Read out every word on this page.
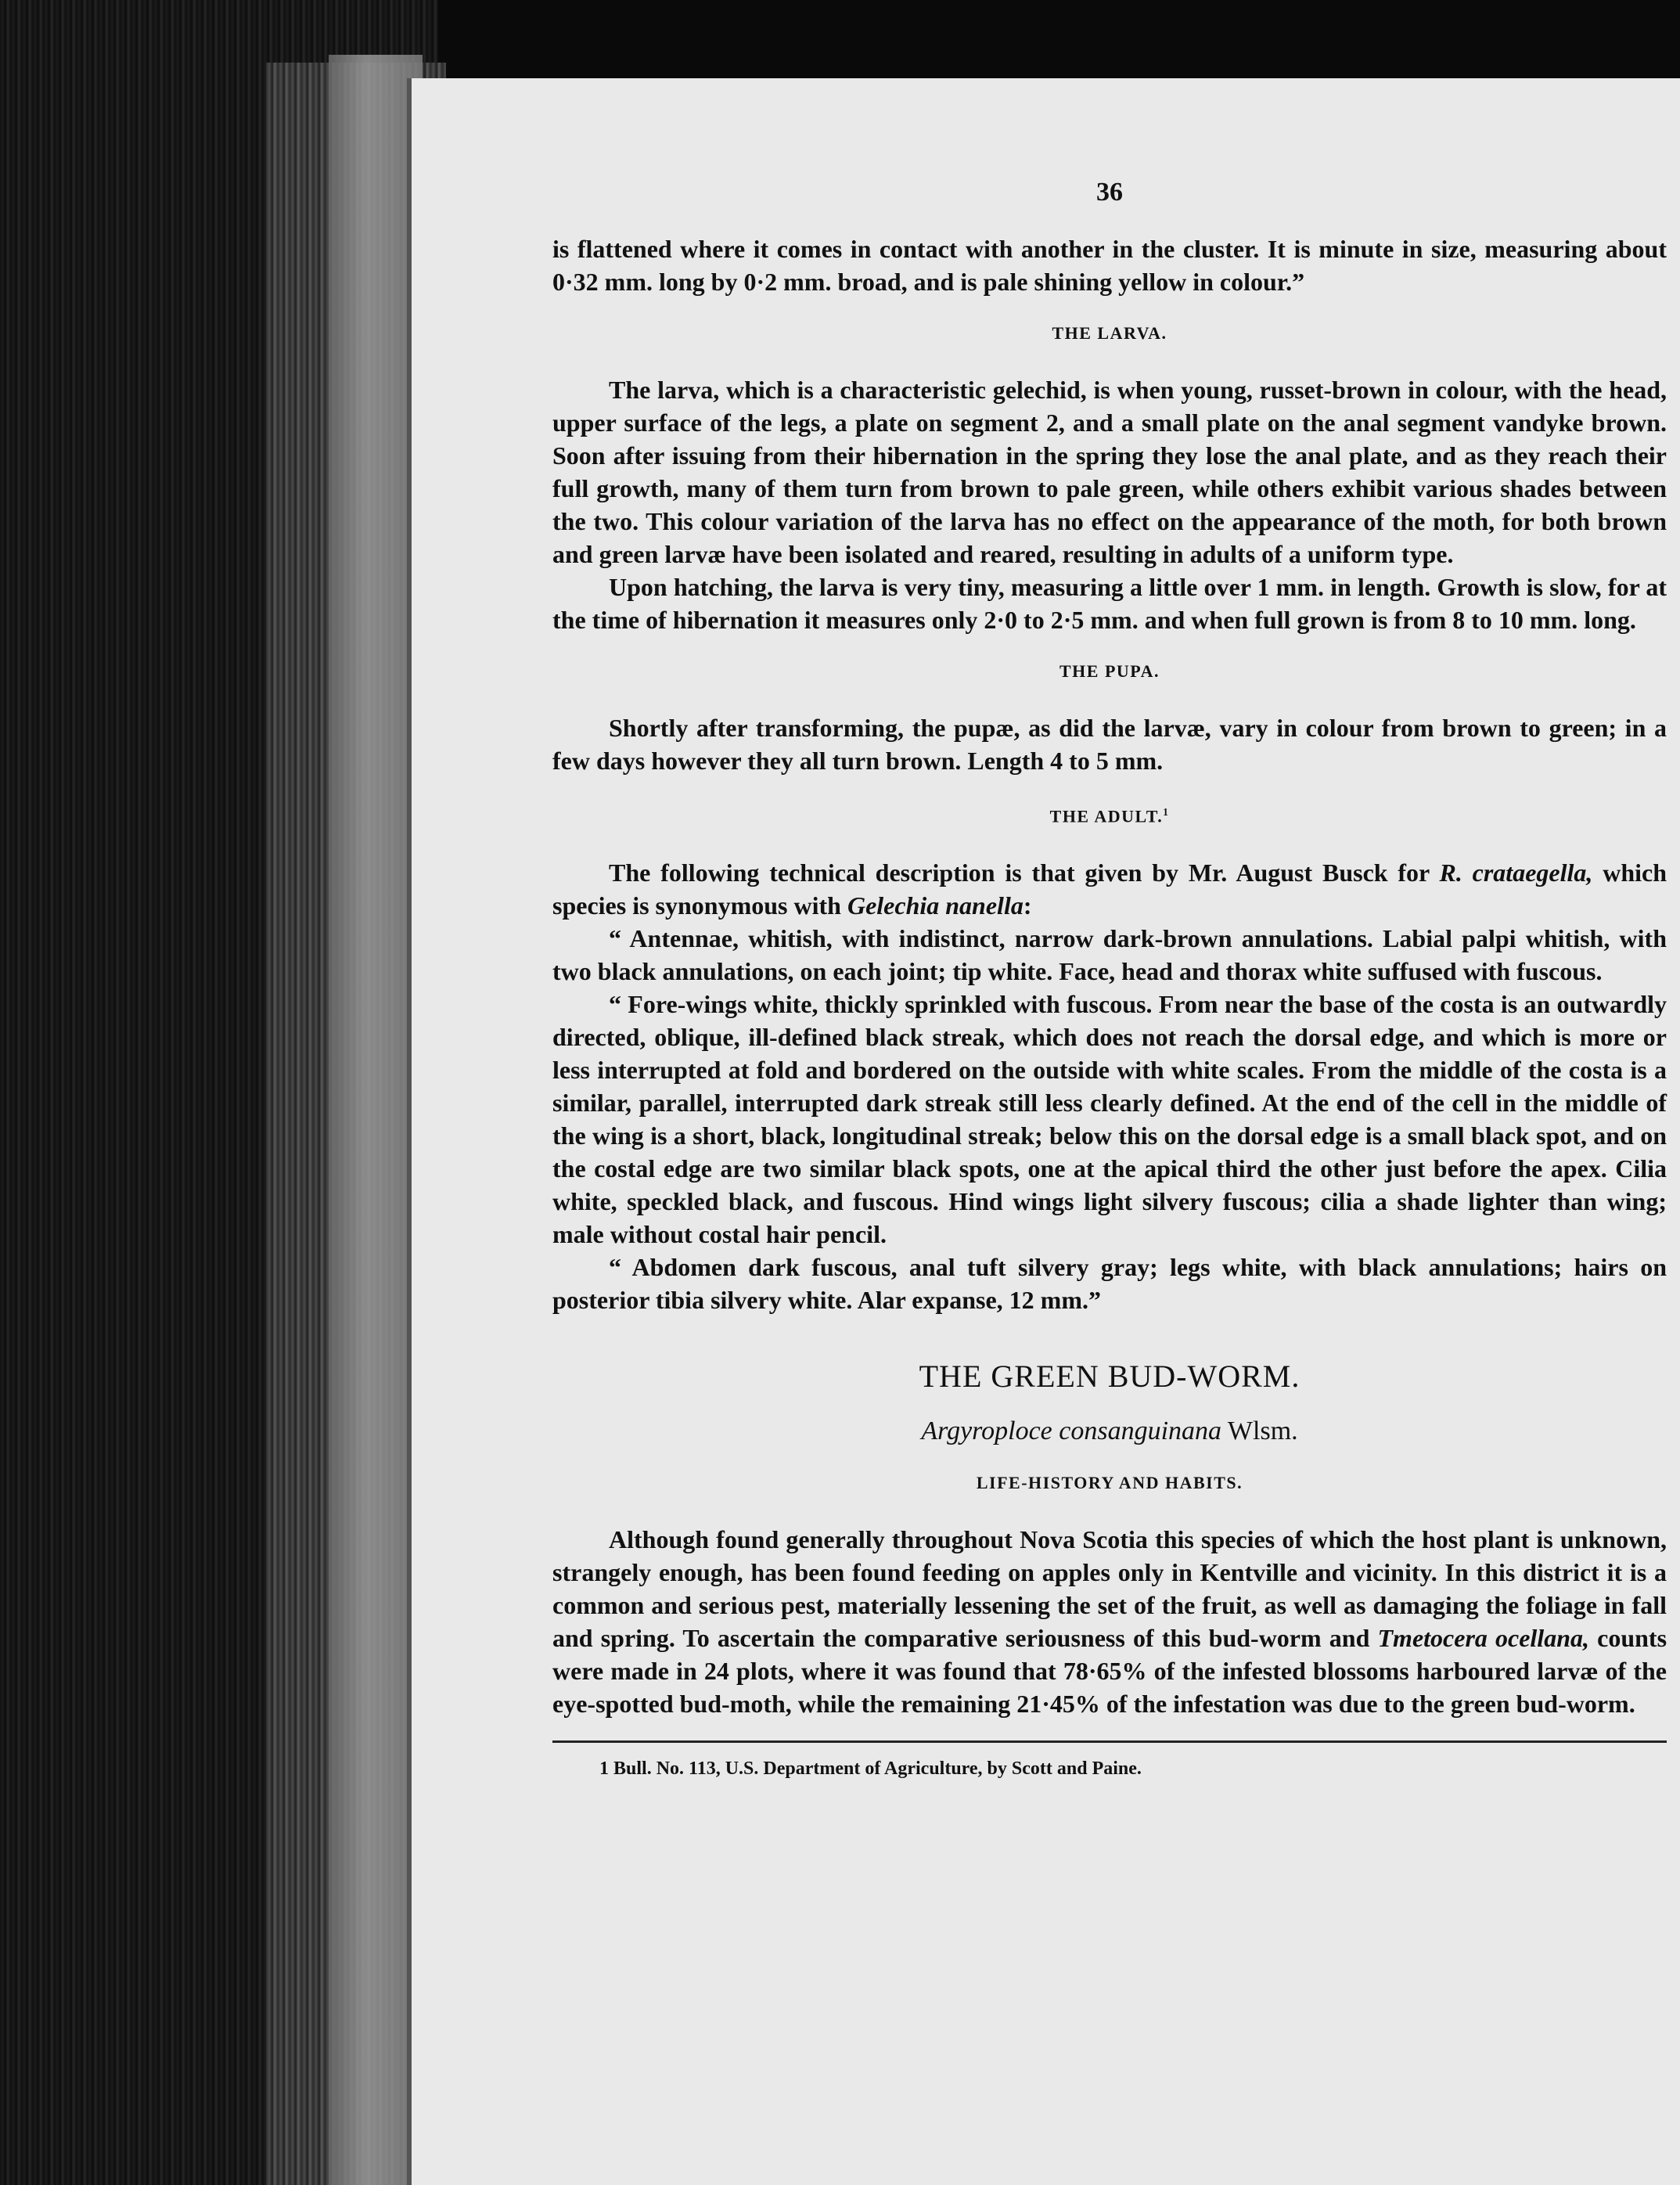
36

is flattened where it comes in contact with another in the cluster. It is minute in size, measuring about 0·32 mm. long by 0·2 mm. broad, and is pale shining yellow in colour.”

THE LARVA.

The larva, which is a characteristic gelechid, is when young, russet-brown in colour, with the head, upper surface of the legs, a plate on segment 2, and a small plate on the anal segment vandyke brown. Soon after issuing from their hibernation in the spring they lose the anal plate, and as they reach their full growth, many of them turn from brown to pale green, while others exhibit various shades between the two. This colour variation of the larva has no effect on the appearance of the moth, for both brown and green larvæ have been isolated and reared, resulting in adults of a uniform type.

Upon hatching, the larva is very tiny, measuring a little over 1 mm. in length. Growth is slow, for at the time of hibernation it measures only 2·0 to 2·5 mm. and when full grown is from 8 to 10 mm. long.

THE PUPA.

Shortly after transforming, the pupæ, as did the larvæ, vary in colour from brown to green; in a few days however they all turn brown. Length 4 to 5 mm.

THE ADULT.$^1$

The following technical description is that given by Mr. August Busck for R. crataegella, which species is synonymous with Gelechia nanella:

“ Antennae, whitish, with indistinct, narrow dark-brown annulations. Labial palpi whitish, with two black annulations, on each joint; tip white. Face, head and thorax white suffused with fuscous.

“ Fore-wings white, thickly sprinkled with fuscous. From near the base of the costa is an outwardly directed, oblique, ill-defined black streak, which does not reach the dorsal edge, and which is more or less interrupted at fold and bordered on the outside with white scales. From the middle of the costa is a similar, parallel, interrupted dark streak still less clearly defined. At the end of the cell in the middle of the wing is a short, black, longitudinal streak; below this on the dorsal edge is a small black spot, and on the costal edge are two similar black spots, one at the apical third the other just before the apex. Cilia white, speckled black, and fuscous. Hind wings light silvery fuscous; cilia a shade lighter than wing; male without costal hair pencil.

“ Abdomen dark fuscous, anal tuft silvery gray; legs white, with black annulations; hairs on posterior tibia silvery white. Alar expanse, 12 mm.”

THE GREEN BUD-WORM.
Argyroploce consanguinana Wlsm.
LIFE-HISTORY AND HABITS.

Although found generally throughout Nova Scotia this species of which the host plant is unknown, strangely enough, has been found feeding on apples only in Kentville and vicinity. In this district it is a common and serious pest, materially lessening the set of the fruit, as well as damaging the foliage in fall and spring. To ascertain the comparative seriousness of this bud-worm and Tmetocera ocellana, counts were made in 24 plots, where it was found that 78·65% of the infested blossoms harboured larvæ of the eye-spotted bud-moth, while the remaining 21·45% of the infestation was due to the green bud-worm.

1 Bull. No. 113, U.S. Department of Agriculture, by Scott and Paine.
